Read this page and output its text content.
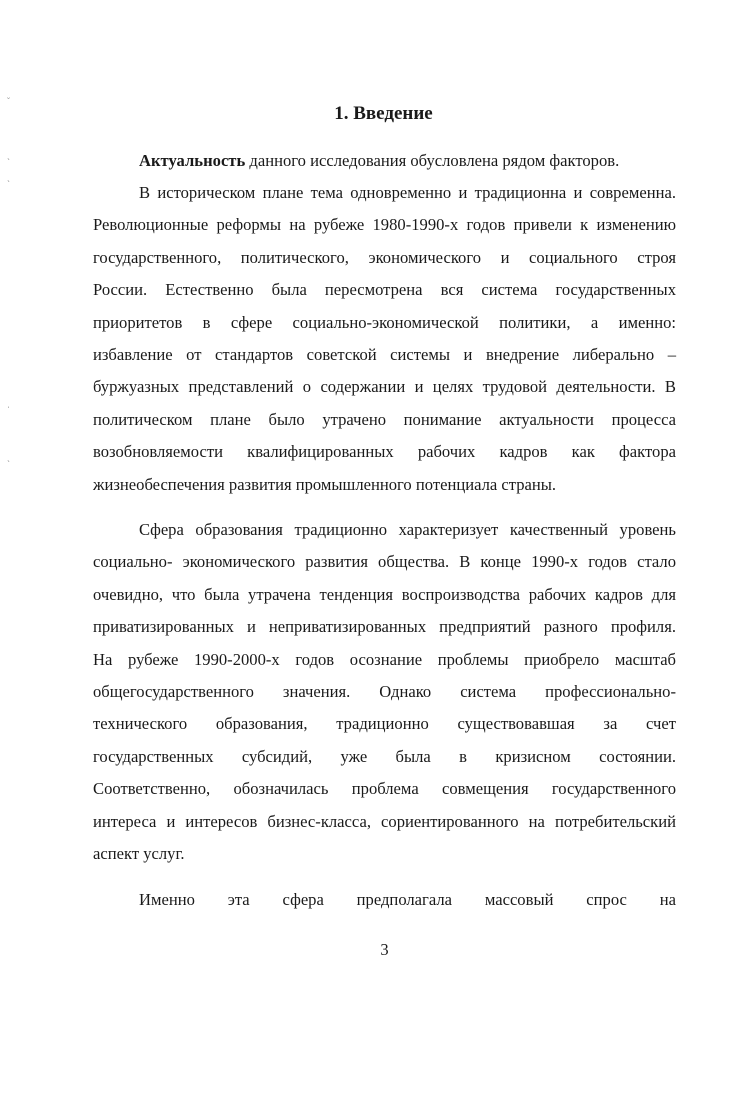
˘
ˎ
ˏ
ˈ
ˏ
1. Введение
Актуальность данного исследования обусловлена рядом факторов.
В историческом плане тема одновременно и традиционна и современна.
Революционные реформы на рубеже 1980-1990-х годов привели к изменению
государственного, политического, экономического и социального строя
России. Естественно была пересмотрена вся система государственных
приоритетов в сфере социально-экономической политики, а именно:
избавление от стандартов советской системы и внедрение либерально –
буржуазных представлений о содержании и целях трудовой деятельности. В
политическом плане было утрачено понимание актуальности процесса
возобновляемости квалифицированных рабочих кадров как фактора
жизнеобеспечения развития промышленного потенциала страны.
Сфера образования традиционно характеризует качественный уровень
социально- экономического развития общества. В конце 1990-х годов стало
очевидно, что была утрачена тенденция воспроизводства рабочих кадров для
приватизированных и неприватизированных предприятий разного профиля.
На рубеже 1990-2000-х годов осознание проблемы приобрело масштаб
общегосударственного значения. Однако система профессионально-
технического образования, традиционно существовавшая за счет
государственных субсидий, уже была в кризисном состоянии.
Соответственно, обозначилась проблема совмещения государственного
интереса и интересов бизнес-класса, сориентированного на потребительский
аспект услуг.
Именно эта сфера предполагала массовый спрос на
3
